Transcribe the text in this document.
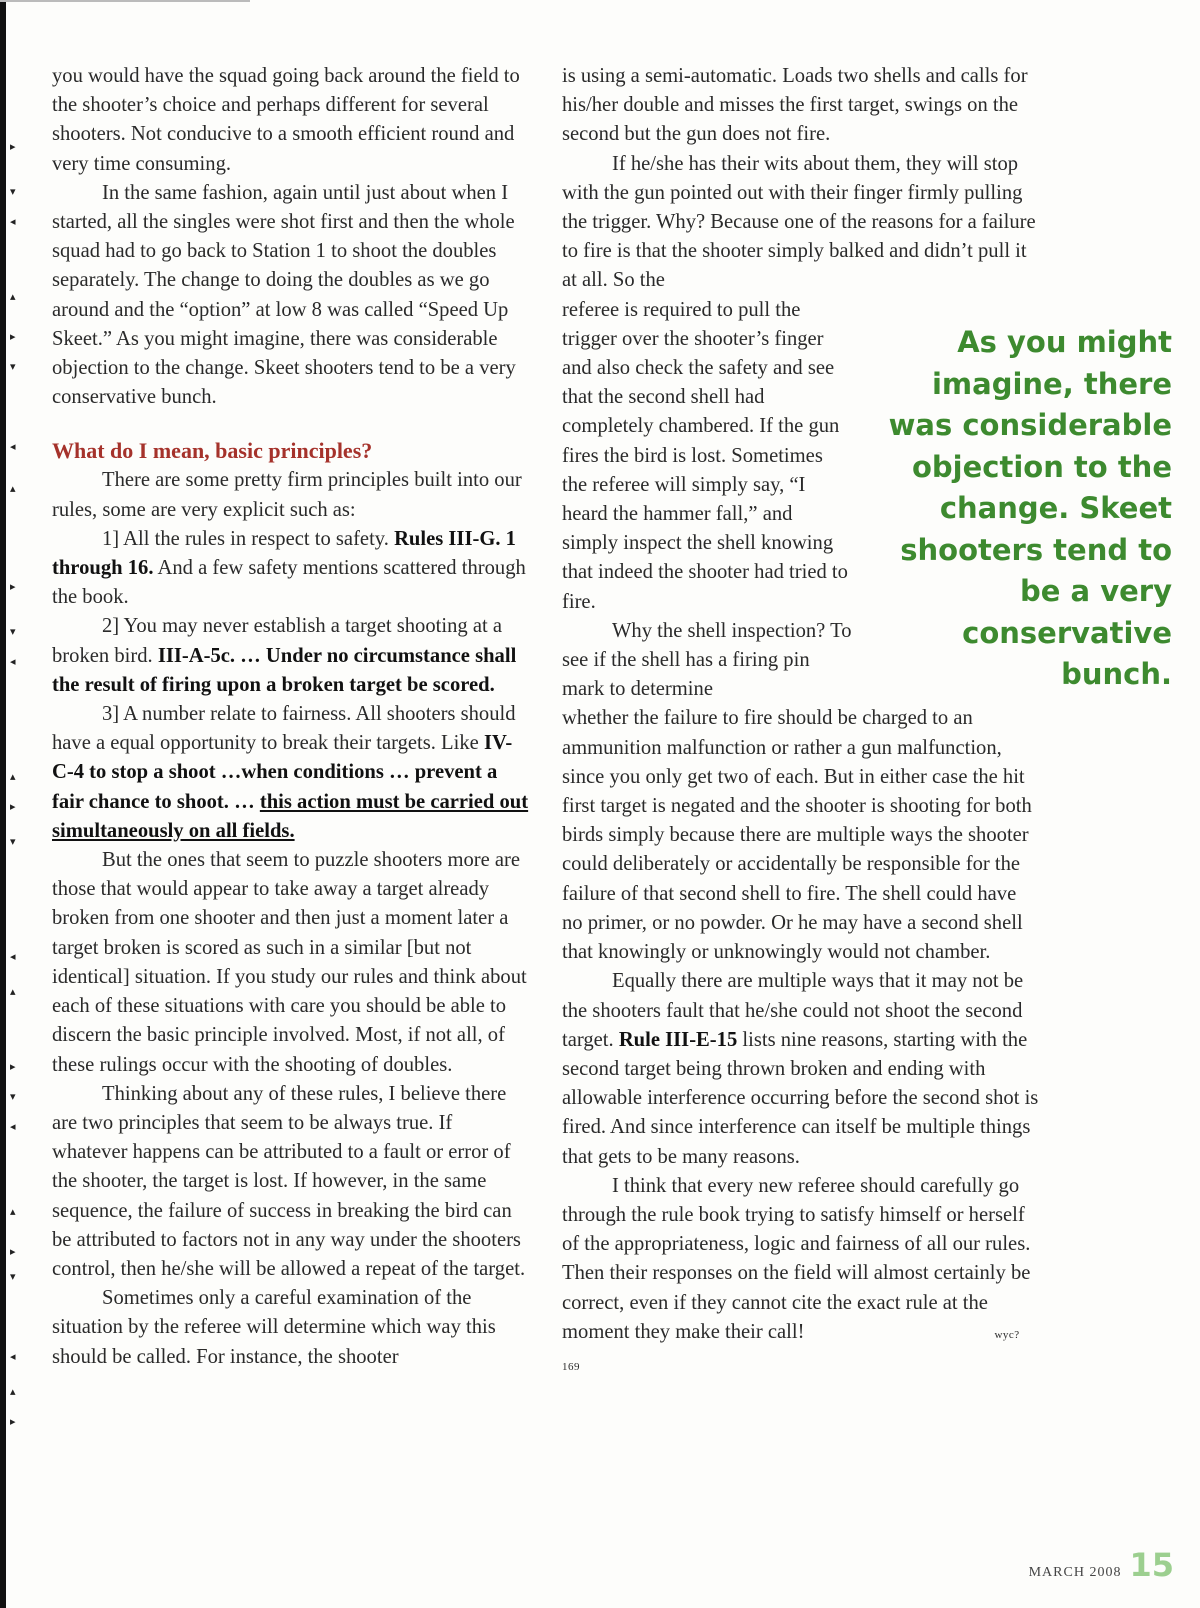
▸
▾
◂
▴
▸
▾
◂
▴
▸
▾
◂
▴
▸
▾
◂
▴
▸
▾
◂
▴
▸
▾
◂
▴
▸

you would have the squad going back around the field to the shooter’s choice and perhaps different for several shooters. Not conducive to a smooth efficient round and very time consuming.

In the same fashion, again until just about when I started, all the singles were shot first and then the whole squad had to go back to Station 1 to shoot the doubles separately. The change to doing the doubles as we go around and the “option” at low 8 was called “Speed Up Skeet.” As you might imagine, there was considerable objection to the change. Skeet shooters tend to be a very conservative bunch.

What do I mean, basic principles?

There are some pretty firm principles built into our rules, some are very explicit such as:

1] All the rules in respect to safety. Rules III-G. 1 through 16. And a few safety mentions scattered through the book.

2] You may never establish a target shooting at a broken bird. III-A-5c. … Under no circumstance shall the result of firing upon a broken target be scored.

3] A number relate to fairness. All shooters should have a equal opportunity to break their targets. Like IV-C-4 to stop a shoot …when conditions … prevent a fair chance to shoot. … this action must be carried out simultaneously on all fields.

But the ones that seem to puzzle shooters more are those that would appear to take away a target already broken from one shooter and then just a moment later a target broken is scored as such in a similar [but not identical] situation. If you study our rules and think about each of these situations with care you should be able to discern the basic principle involved. Most, if not all, of these rulings occur with the shooting of doubles.

Thinking about any of these rules, I believe there are two principles that seem to be always true. If whatever happens can be attributed to a fault or error of the shooter, the target is lost. If however, in the same sequence, the failure of success in breaking the bird can be attributed to factors not in any way under the shooters control, then he/she will be allowed a repeat of the target.

Sometimes only a careful examination of the situation by the referee will determine which way this should be called. For instance, the shooter

is using a semi-automatic. Loads two shells and calls for his/her double and misses the first target, swings on the second but the gun does not fire.

If he/she has their wits about them, they will stop with the gun pointed out with their finger firmly pulling the trigger. Why? Because one of the reasons for a failure to fire is that the shooter simply balked and didn’t pull it at all. So the

referee is required to pull the trigger over the shooter’s finger and also check the safety and see that the second shell had completely chambered. If the gun fires the bird is lost. Sometimes the referee will simply say, “I heard the hammer fall,” and simply inspect the shell knowing that indeed the shooter had tried to fire.

Why the shell inspection? To see if the shell has a firing pin mark to determine

whether the failure to fire should be charged to an ammunition malfunction or rather a gun malfunction, since you only get two of each. But in either case the hit first target is negated and the shooter is shooting for both birds simply because there are multiple ways the shooter could deliberately or accidentally be responsible for the failure of that second shell to fire. The shell could have no primer, or no powder. Or he may have a second shell that knowingly or unknowingly would not chamber.

Equally there are multiple ways that it may not be the shooters fault that he/she could not shoot the second target. Rule III-E-15 lists nine reasons, starting with the second target being thrown broken and ending with allowable interference occurring before the second shot is fired. And since interference can itself be multiple things that gets to be many reasons.

I think that every new referee should carefully go through the rule book trying to satisfy himself or herself of the appropriateness, logic and fairness of all our rules. Then their responses on the field will almost certainly be correct, even if they cannot cite the exact rule at the moment they make their call!	wyc? 169

As you might imagine, there was considerable objection to the change. Skeet shooters tend to be a very conservative bunch.
MARCH 2008 15
